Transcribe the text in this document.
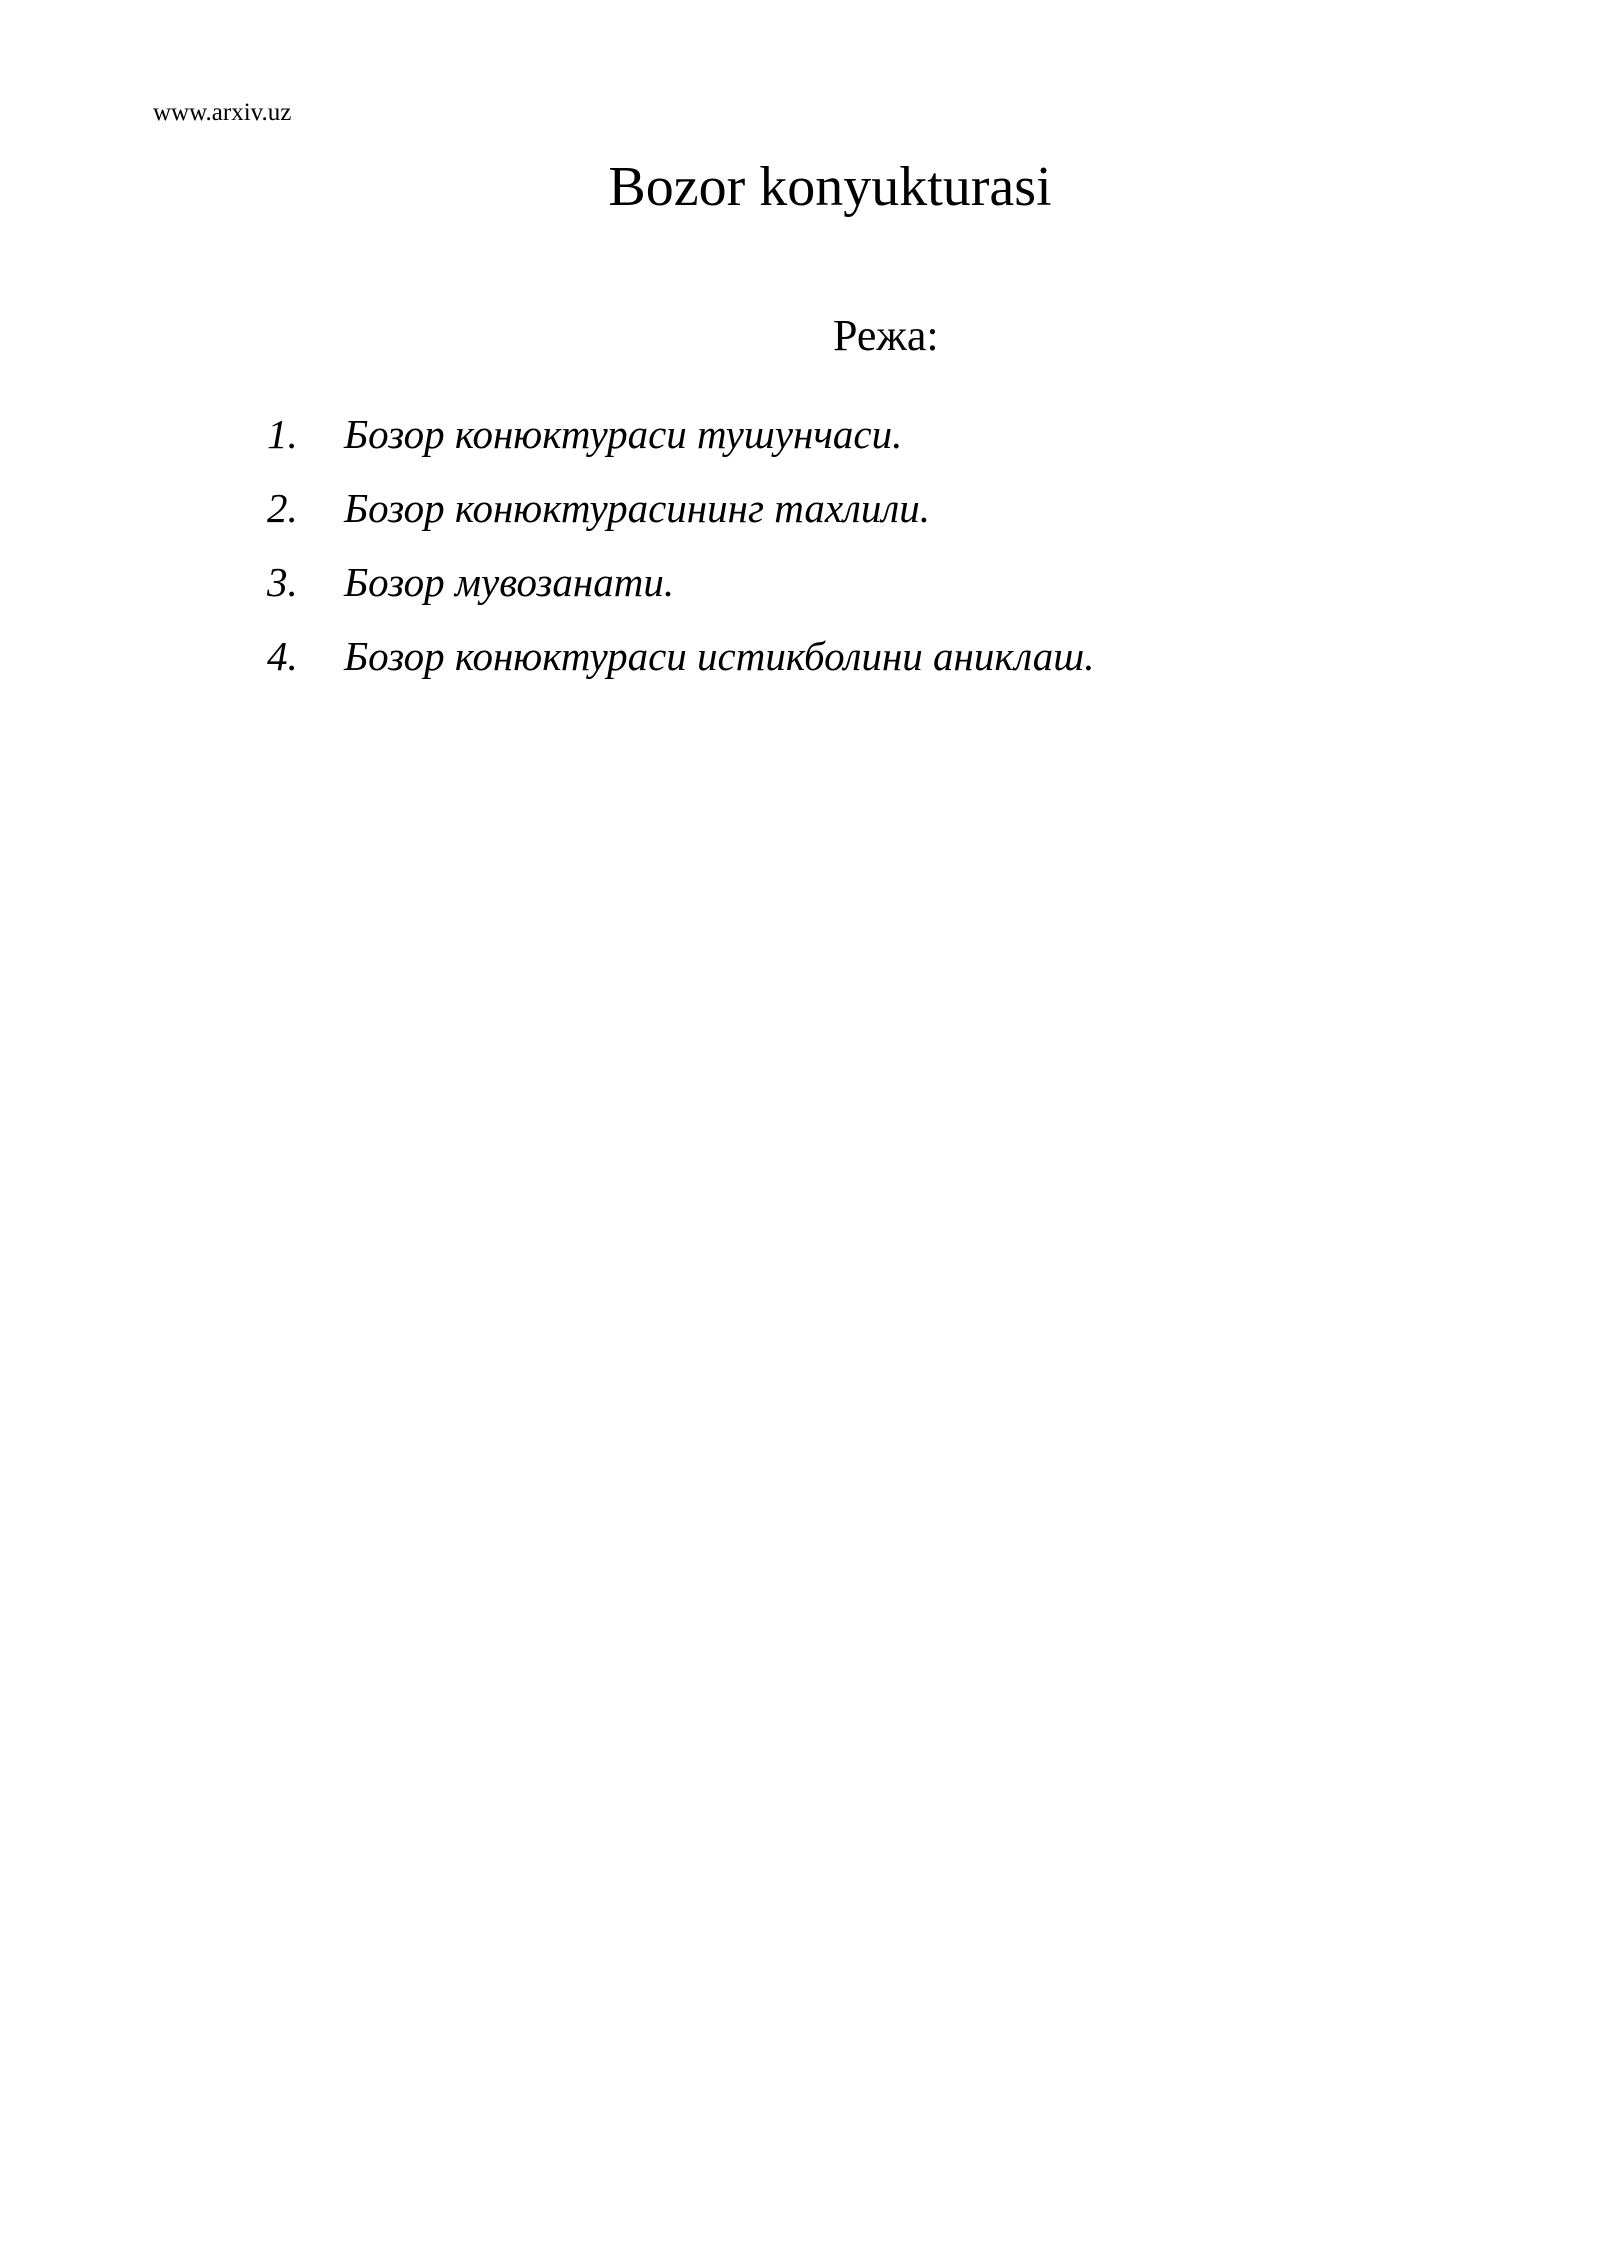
www.arxiv.uz
Bozor konyukturasi
Режа:
1. Бозор конюктураси тушунчаси.
2. Бозор конюктурасининг тахлили.
3. Бозор мувозанати.
4. Бозор конюктураси истикболини аниклаш.
